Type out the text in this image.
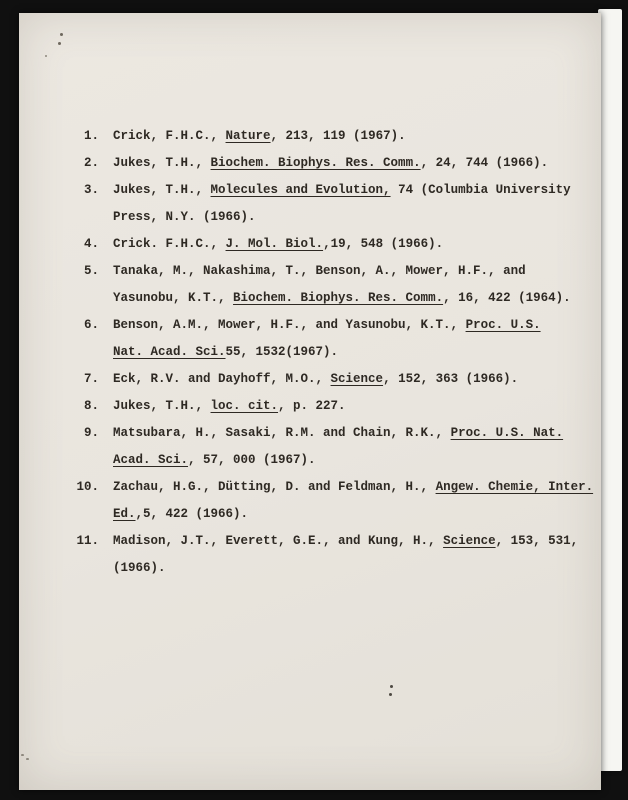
1. Crick, F.H.C., Nature, 213, 119 (1967).
2. Jukes, T.H., Biochem. Biophys. Res. Comm., 24, 744 (1966).
3. Jukes, T.H., Molecules and Evolution, 74 (Columbia University
Press, N.Y. (1966).
4. Crick. F.H.C., J. Mol. Biol.,19, 548 (1966).
5. Tanaka, M., Nakashima, T., Benson, A., Mower, H.F., and
Yasunobu, K.T., Biochem. Biophys. Res. Comm., 16, 422 (1964).
6. Benson, A.M., Mower, H.F., and Yasunobu, K.T., Proc. U.S.
Nat. Acad. Sci.55, 1532(1967).
7. Eck, R.V. and Dayhoff, M.O., Science, 152, 363 (1966).
8. Jukes, T.H., loc. cit., p. 227.
9. Matsubara, H., Sasaki, R.M. and Chain, R.K., Proc. U.S. Nat.
Acad. Sci., 57, 000 (1967).
10. Zachau, H.G., Dütting, D. and Feldman, H., Angew. Chemie, Inter.
Ed.,5, 422 (1966).
11. Madison, J.T., Everett, G.E., and Kung, H., Science, 153, 531,
(1966).
